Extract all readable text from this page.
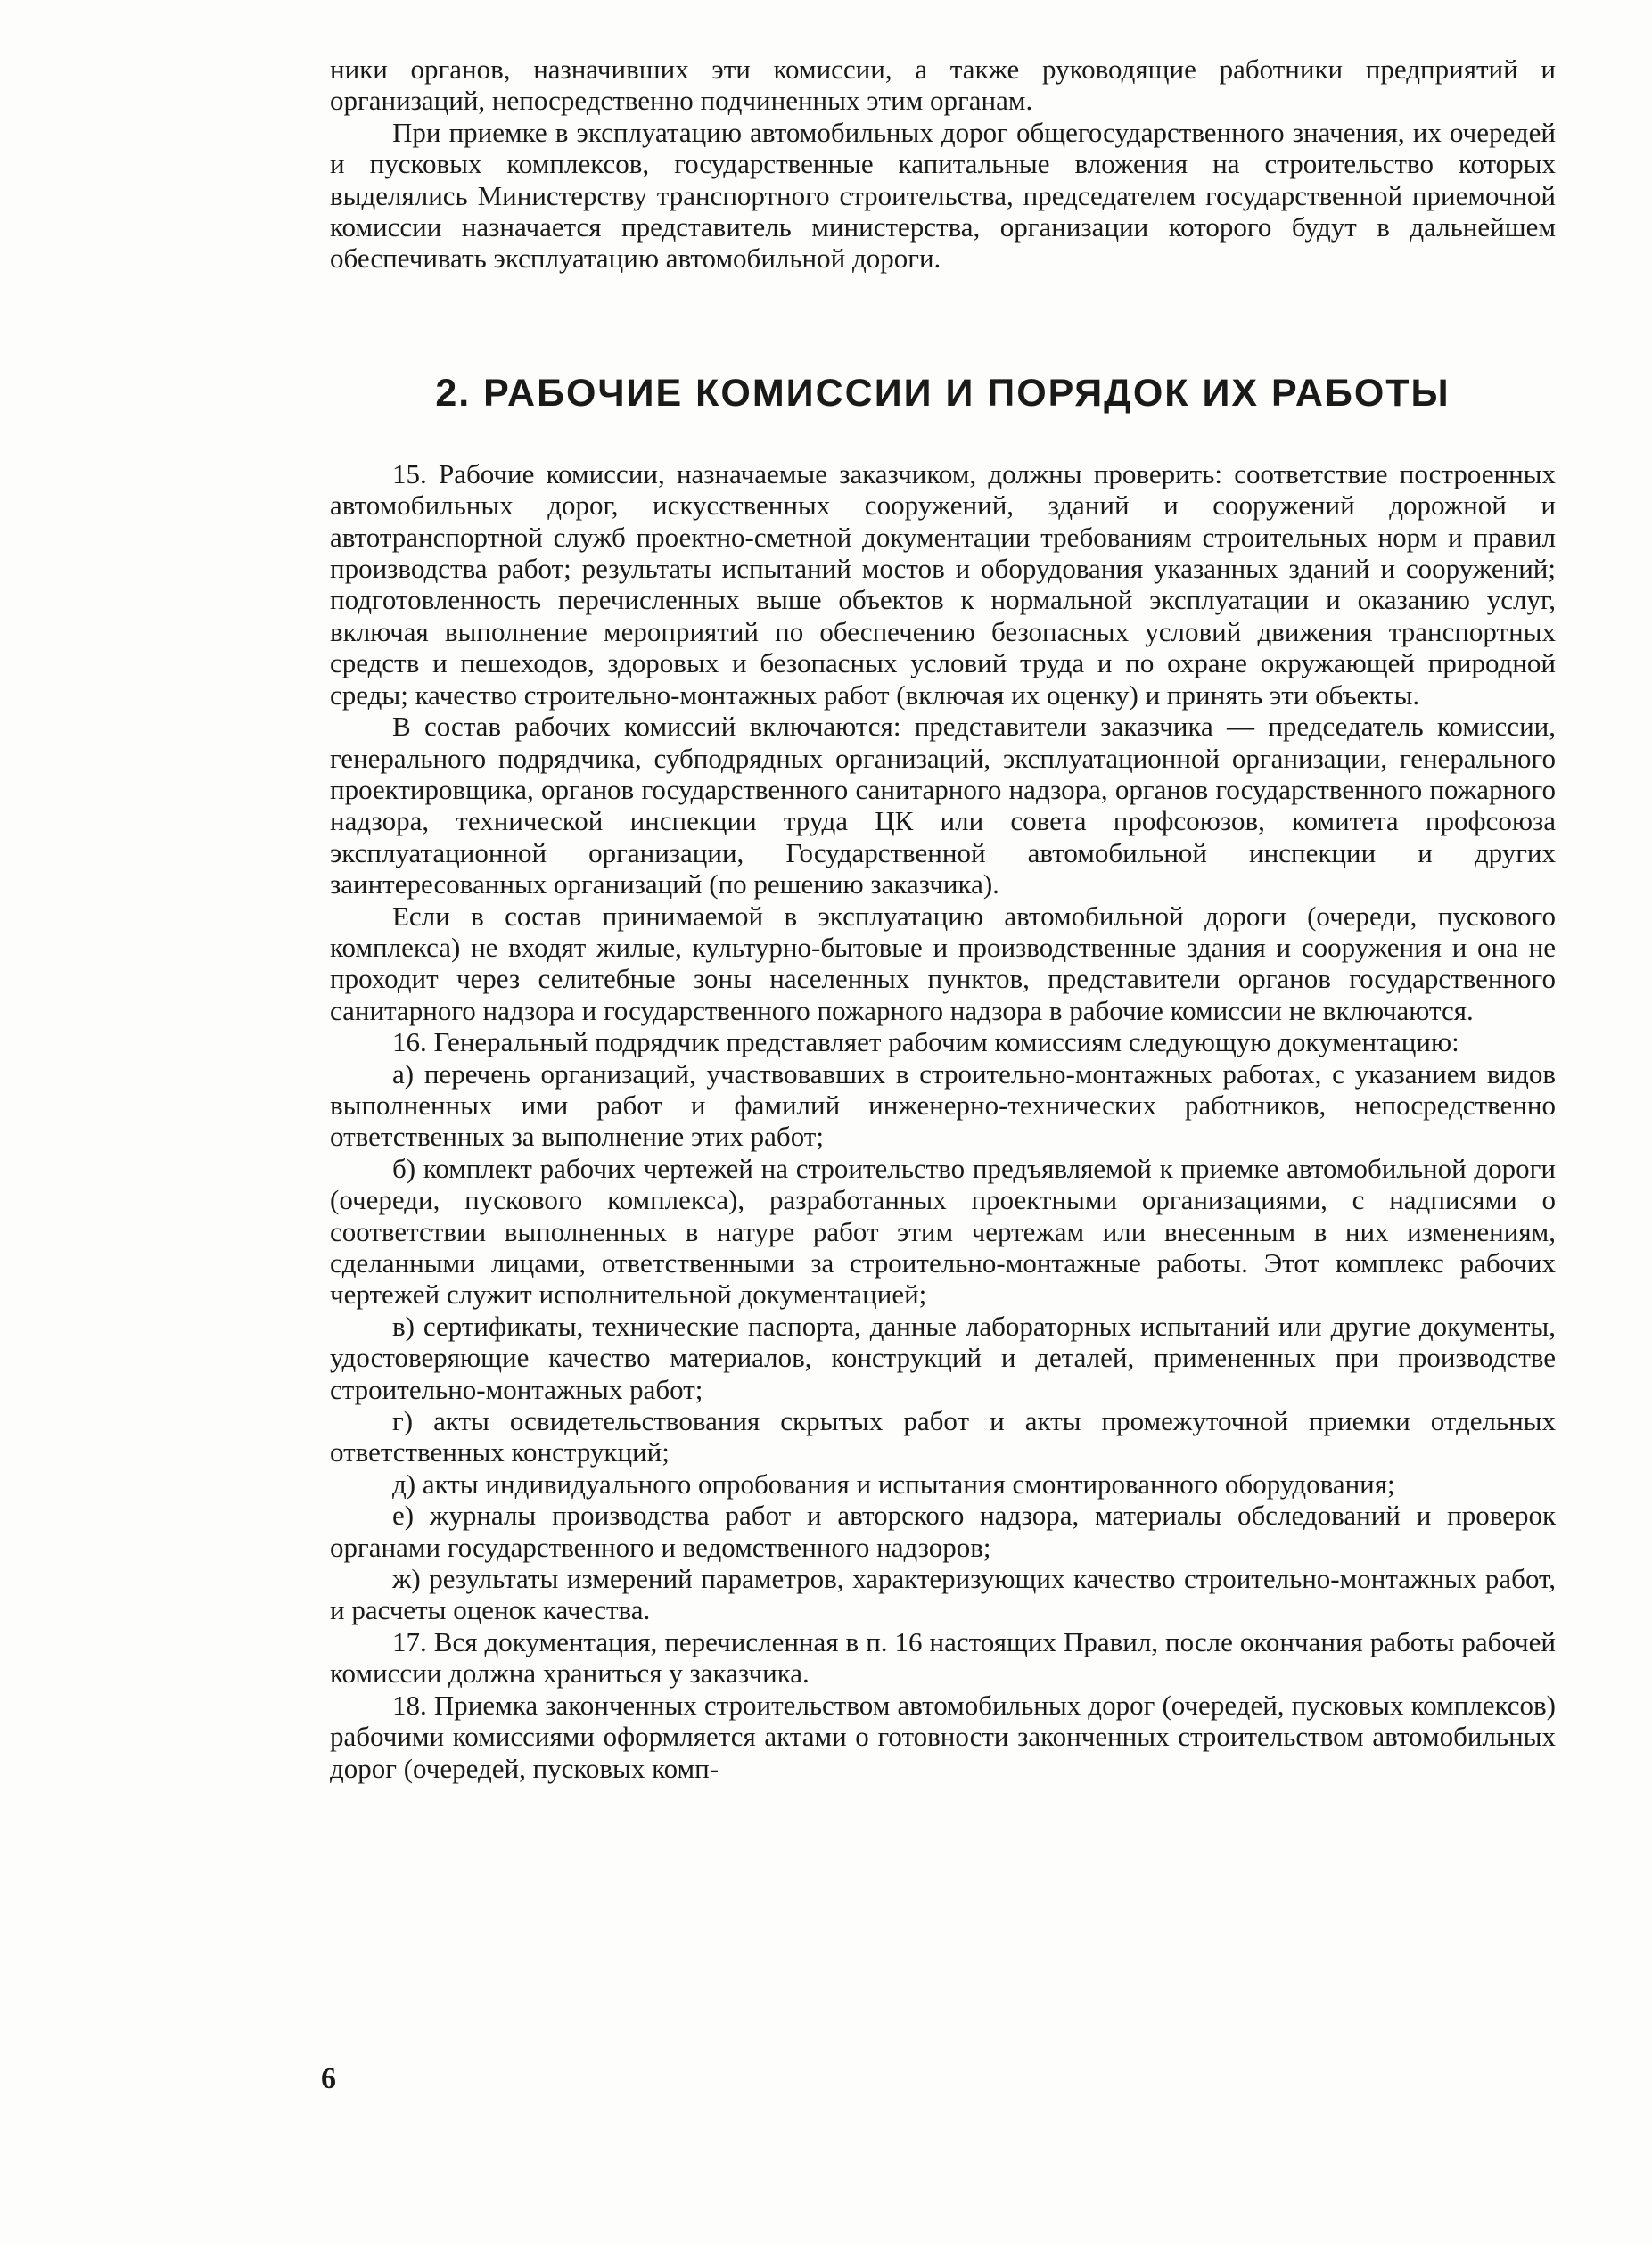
ники органов, назначивших эти комиссии, а также руководящие работники предприятий и организаций, непосредственно подчиненных этим органам.

При приемке в эксплуатацию автомобильных дорог общегосударственного значения, их очередей и пусковых комплексов, государственные капитальные вложения на строительство которых выделялись Министерству транспортного строительства, председателем государственной приемочной комиссии назначается представитель министерства, организации которого будут в дальнейшем обеспечивать эксплуатацию автомобильной дороги.

2. РАБОЧИЕ КОМИССИИ И ПОРЯДОК ИХ РАБОТЫ

15. Рабочие комиссии, назначаемые заказчиком, должны проверить: соответствие построенных автомобильных дорог, искусственных сооружений, зданий и сооружений дорожной и автотранспортной служб проектно-сметной документации требованиям строительных норм и правил производства работ; результаты испытаний мостов и оборудования указанных зданий и сооружений; подготовленность перечисленных выше объектов к нормальной эксплуатации и оказанию услуг, включая выполнение мероприятий по обеспечению безопасных условий движения транспортных средств и пешеходов, здоровых и безопасных условий труда и по охране окружающей природной среды; качество строительно-монтажных работ (включая их оценку) и принять эти объекты.

В состав рабочих комиссий включаются: представители заказчика — председатель комиссии, генерального подрядчика, субподрядных организаций, эксплуатационной организации, генерального проектировщика, органов государственного санитарного надзора, органов государственного пожарного надзора, технической инспекции труда ЦК или совета профсоюзов, комитета профсоюза эксплуатационной организации, Государственной автомобильной инспекции и других заинтересованных организаций (по решению заказчика).

Если в состав принимаемой в эксплуатацию автомобильной дороги (очереди, пускового комплекса) не входят жилые, культурно-бытовые и производственные здания и сооружения и она не проходит через селитебные зоны населенных пунктов, представители органов государственного санитарного надзора и государственного пожарного надзора в рабочие комиссии не включаются.

16. Генеральный подрядчик представляет рабочим комиссиям следующую документацию:

а) перечень организаций, участвовавших в строительно-монтажных работах, с указанием видов выполненных ими работ и фамилий инженерно-технических работников, непосредственно ответственных за выполнение этих работ;

б) комплект рабочих чертежей на строительство предъявляемой к приемке автомобильной дороги (очереди, пускового комплекса), разработанных проектными организациями, с надписями о соответствии выполненных в натуре работ этим чертежам или внесенным в них изменениям, сделанными лицами, ответственными за строительно-монтажные работы. Этот комплекс рабочих чертежей служит исполнительной документацией;

в) сертификаты, технические паспорта, данные лабораторных испытаний или другие документы, удостоверяющие качество материалов, конструкций и деталей, примененных при производстве строительно-монтажных работ;

г) акты освидетельствования скрытых работ и акты промежуточной приемки отдельных ответственных конструкций;

д) акты индивидуального опробования и испытания смонтированного оборудования;

е) журналы производства работ и авторского надзора, материалы обследований и проверок органами государственного и ведомственного надзоров;

ж) результаты измерений параметров, характеризующих качество строительно-монтажных работ, и расчеты оценок качества.

17. Вся документация, перечисленная в п. 16 настоящих Правил, после окончания работы рабочей комиссии должна храниться у заказчика.

18. Приемка законченных строительством автомобильных дорог (очередей, пусковых комплексов) рабочими комиссиями оформляется актами о готовности законченных строительством автомобильных дорог (очередей, пусковых комп-

6
